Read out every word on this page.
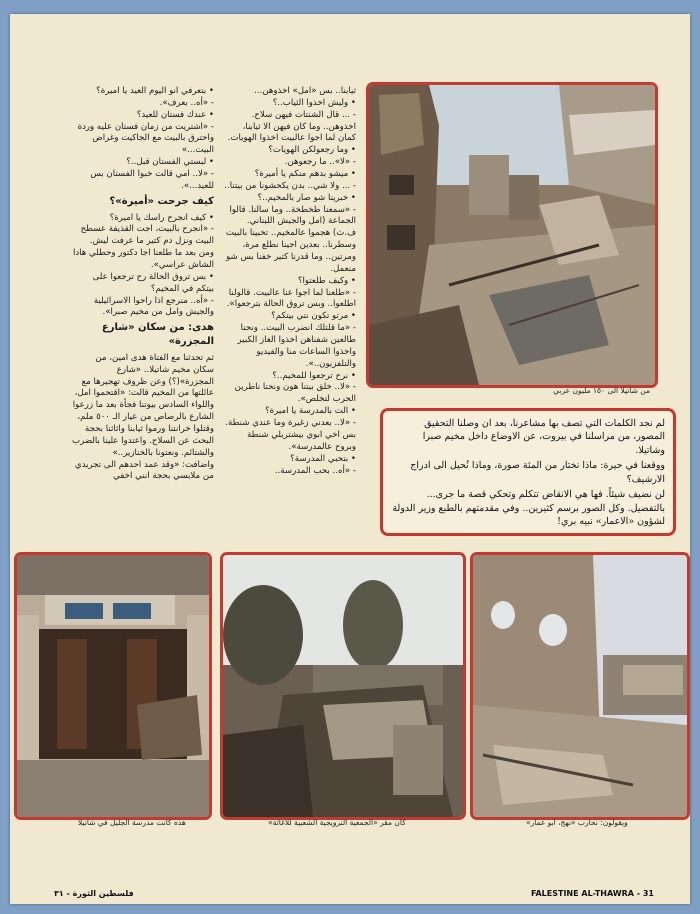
من شاتيلا الى ١٥٠ مليون عربي

لم نجد الكلمات التي تصف بها مشاعرنا، بعد ان وصلنا التحقيق المصور، من مراسلنا في بيروت، عن الاوضاع داخل مخيم صبرا وشاتيلا.

ووقعنا في حيرة: ماذا نختار من المئة صورة، وماذا نُحيل الى ادراج الارشيف؟

لن نضيف شيئاً. فها هي الانقاض تتكلم وتحكي قصة ما جرى... بالتفصيل. وكل الصور برسم كثيرين.. وفي مقدمتهم بالطبع وزير الدولة لشؤون «الاعمار» نبيه بري!

ثيابنا.. بس «امل» اخذوهن...

• وليش اخذوا الثياب..؟

- ... قال الشنتات فيهن سلاح. اخذوهن.. وما كان فيهن الا ثيابنا، كمان لما اجوا عالبيت اخذوا الهويات.

• وما رجعولكن الهويات؟

- «لا».. ما رجعوهن.

• ميشو بدهم منكم يا أميرة؟

- ... ولا شي.. بدن يكحشونا من بيتنا..

• خبرينا شو صار بالمخيم..؟

- «سمعنا طخطخة.. وما سالنا. قالوا الجماعة (امل والجيش اللبناني. ف.ث) هجموا عالمخيم.. تخبينا بالبيت وسطرنا.. بعدين اجينا نطلع مرة، ومرتين.. وما قدرنا كتير خفنا بس شو منعمل.

• وكيف طلعتوا؟

- «طلعنا لما اجوا عنا عالبيت. قالولنا اطلعوا.. وبس تروق الحالة بترجعوا».

• مرتو تكون نتي بيتكم؟

- «ما قلتلك انضرب البيت.. ونحنا طالعين شفناهن اخذوا الغاز الكبير واخذوا الساعات منا والفيديو والتلفزيون..».

• نرح ترجعوا للمخيم..؟

- «لا.. خلق بيتنا هون ونحنا ناطرين الحرب لتخلص».

• الت بالمدرسة يا اميرة؟

- «لا.. بعدني زغيرة وما عندي شنطة. بس اخي ابوي بيشتريلي شنطة وبروح عالمدرسة».

• بتحبي المدرسة؟

- «أه.. بحب المدرسة..

• بتعرفي انو اليوم العيد يا اميرة؟

- «أه.. بعرف».

• عندك فستان للعيد؟

- «اشتريت من زمان فستان عليه وردة واحترق بالبيت مع الجاكيت وغراض البيت...»

• لبستي الفستان قبل..؟

- «لا.. امي قالت خبوا الفستان بس للعيد...».

كيف جرحت «أميرة»؟

• كيف انجرح راسك يا اميرة؟

- «انجرح بالبيت، اجت القذيفة عسطح البيت ونزل دم كتير ما عرفت ليش. ومن بعد ما طلعنا اجا دكتور وحطلي هادا الشاش عراسي».

• بس تروق الحالة رح ترجعوا على بيتكم في المخيم؟

- «أه.. منرجع اذا راحوا الاسرائيلية والجيش وامل من مخيم صبرا».

هدى: من سكان «شارع المجزرة»

ثم تحدثنا مع الفتاة هدى امين، من سكان مخيم شاتيلا.. «شارع المجزرة»(؟) وعن ظروف تهجيرها مع عائلتها من المخيم قالت: «اقتحموا امل، واللواء السادس بيوتنا فجأة بعد ما زرعوا الشارع بالرصاص من عيار الـ ٥٠٠ ملم، وقتلوا خرانتنا ورموا ثيابنا واثاثنا بحجة البحث عن السلاح. واعتدوا علينا بالضرب والشتائم. ونعتونا بالخنازير..»

واضافت: «وقد عمد احدهم الى تجريدي من ملابسي بحجة انني اخفي

هذه كانت مدرسة الجليل في شاتيلا	كان مقر «الجمعية النرويجية الشعبية للاغاثة»	ويقولون: نحارب «نهج، ابو عمار»
فلسطين الثورة - ٣١	FALESTINE AL-THAWRA - 31
